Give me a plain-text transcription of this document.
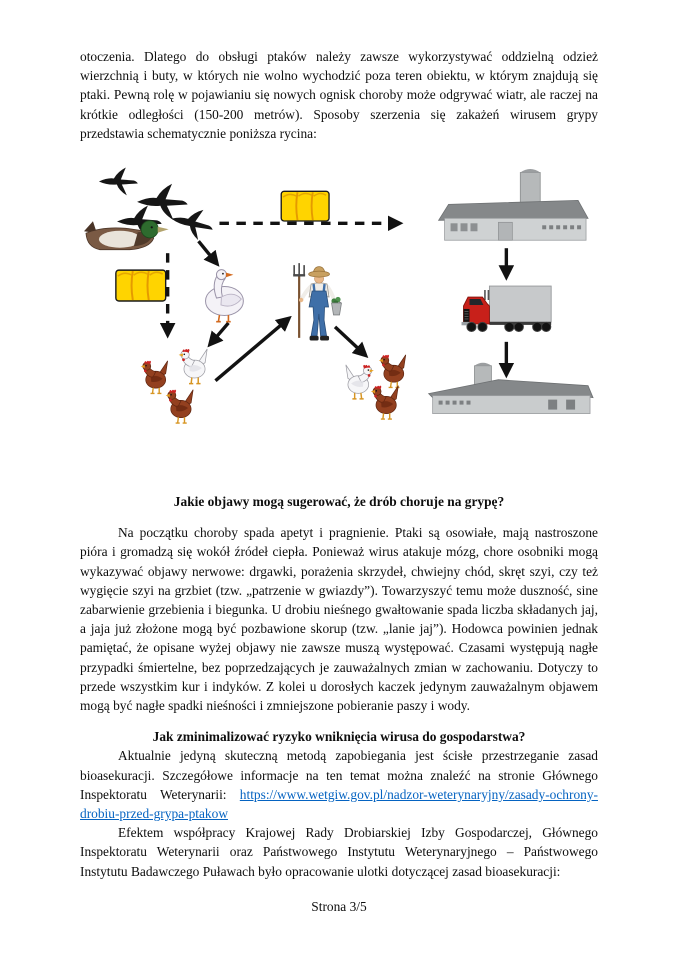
otoczenia. Dlatego do obsługi ptaków należy zawsze wykorzystywać oddzielną odzież wierzchnią i buty, w których nie wolno wychodzić poza teren obiektu, w którym znajdują się ptaki. Pewną rolę w pojawianiu się nowych ognisk choroby może odgrywać wiatr, ale raczej na krótkie odległości (150-200 metrów). Sposoby szerzenia się zakażeń wirusem grypy przedstawia schematycznie poniższa rycina:

Jakie objawy mogą sugerować, że drób choruje na grypę?

Na początku choroby spada apetyt i pragnienie. Ptaki są osowiałe, mają nastroszone pióra i gromadzą się wokół źródeł ciepła. Ponieważ wirus atakuje mózg, chore osobniki mogą wykazywać objawy nerwowe: drgawki, porażenia skrzydeł, chwiejny chód, skręt szyi, czy też wygięcie szyi na grzbiet (tzw. „patrzenie w gwiazdy”). Towarzyszyć temu może duszność, sine zabarwienie grzebienia i biegunka. U drobiu nieśnego gwałtowanie spada liczba składanych jaj, a jaja już złożone mogą być pozbawione skorup (tzw. „lanie jaj”). Hodowca powinien jednak pamiętać, że opisane wyżej objawy nie zawsze muszą występować. Czasami występują nagłe przypadki śmiertelne, bez poprzedzających je zauważalnych zmian w zachowaniu. Dotyczy to przede wszystkim kur i indyków. Z kolei u dorosłych kaczek jedynym zauważalnym objawem mogą być nagłe spadki nieśności i zmniejszone pobieranie paszy i wody.

Jak zminimalizować ryzyko wniknięcia wirusa do gospodarstwa?

Aktualnie jedyną skuteczną metodą zapobiegania jest ścisłe przestrzeganie zasad bioasekuracji. Szczegółowe informacje na ten temat można znaleźć na stronie Głównego Inspektoratu Weterynarii: https://www.wetgiw.gov.pl/nadzor-weterynaryjny/zasady-ochrony-drobiu-przed-grypa-ptakow

Efektem współpracy Krajowej Rady Drobiarskiej Izby Gospodarczej, Głównego Inspektoratu Weterynarii oraz Państwowego Instytutu Weterynaryjnego – Państwowego Instytutu Badawczego Puławach było opracowanie ulotki dotyczącej zasad bioasekuracji:

Strona 3/5
